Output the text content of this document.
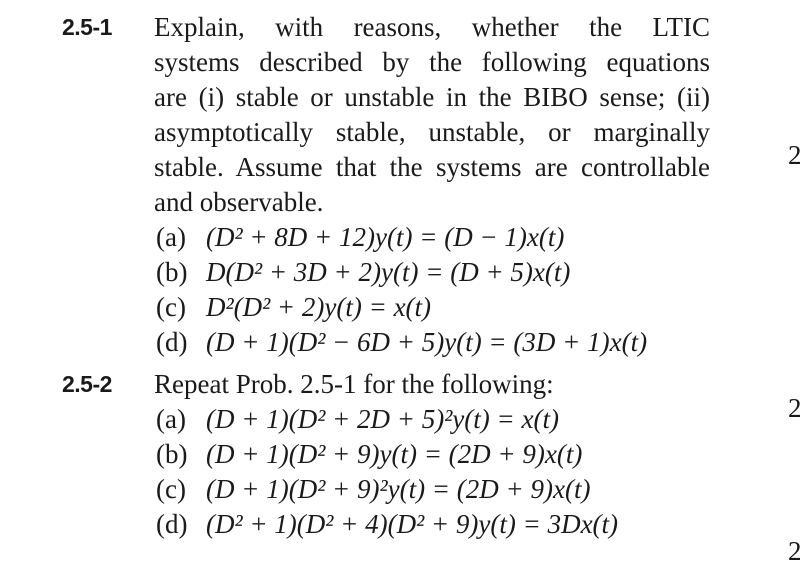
2.5-1 Explain, with reasons, whether the LTIC
systems described by the following equations
are (i) stable or unstable in the BIBO sense; (ii)
asymptotically stable, unstable, or marginally
stable. Assume that the systems are controllable
and observable.
(a) (D² + 8D + 12)y(t) = (D − 1)x(t)
(b) D(D² + 3D + 2)y(t) = (D + 5)x(t)
(c) D²(D² + 2)y(t) = x(t)
(d) (D + 1)(D² − 6D + 5)y(t) = (3D + 1)x(t)
2.5-2 Repeat Prob. 2.5-1 for the following:
(a) (D + 1)(D² + 2D + 5)²y(t) = x(t)
(b) (D + 1)(D² + 9)y(t) = (2D + 9)x(t)
(c) (D + 1)(D² + 9)²y(t) = (2D + 9)x(t)
(d) (D² + 1)(D² + 4)(D² + 9)y(t) = 3Dx(t)
2
2
2
